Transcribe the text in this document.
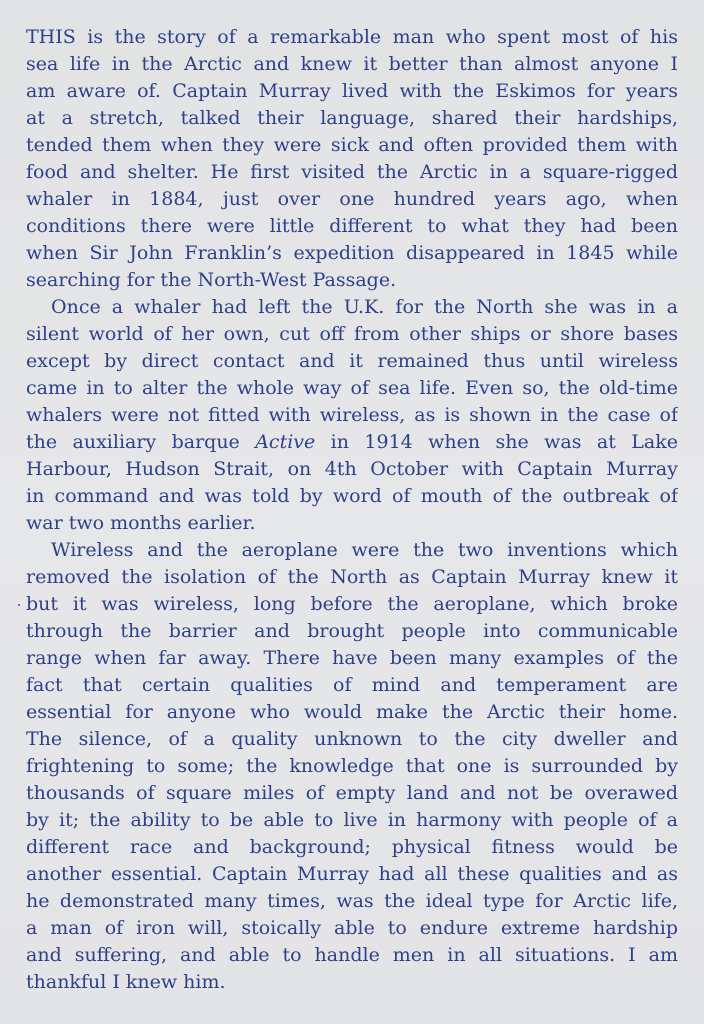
THIS is the story of a remarkable man who spent most of his
sea life in the Arctic and knew it better than almost anyone I
am aware of. Captain Murray lived with the Eskimos for years
at a stretch, talked their language, shared their hardships,
tended them when they were sick and often provided them with
food and shelter. He first visited the Arctic in a square-rigged
whaler in 1884, just over one hundred years ago, when
conditions there were little different to what they had been
when Sir John Franklin’s expedition disappeared in 1845 while
searching for the North-West Passage.
Once a whaler had left the U.K. for the North she was in a
silent world of her own, cut off from other ships or shore bases
except by direct contact and it remained thus until wireless
came in to alter the whole way of sea life. Even so, the old-time
whalers were not fitted with wireless, as is shown in the case of
the auxiliary barque Active in 1914 when she was at Lake
Harbour, Hudson Strait, on 4th October with Captain Murray
in command and was told by word of mouth of the outbreak of
war two months earlier.
Wireless and the aeroplane were the two inventions which
removed the isolation of the North as Captain Murray knew it
but it was wireless, long before the aeroplane, which broke
through the barrier and brought people into communicable
range when far away. There have been many examples of the
fact that certain qualities of mind and temperament are
essential for anyone who would make the Arctic their home.
The silence, of a quality unknown to the city dweller and
frightening to some; the knowledge that one is surrounded by
thousands of square miles of empty land and not be overawed
by it; the ability to be able to live in harmony with people of a
different race and background; physical fitness would be
another essential. Captain Murray had all these qualities and as
he demonstrated many times, was the ideal type for Arctic life,
a man of iron will, stoically able to endure extreme hardship
and suffering, and able to handle men in all situations. I am
thankful I knew him.
